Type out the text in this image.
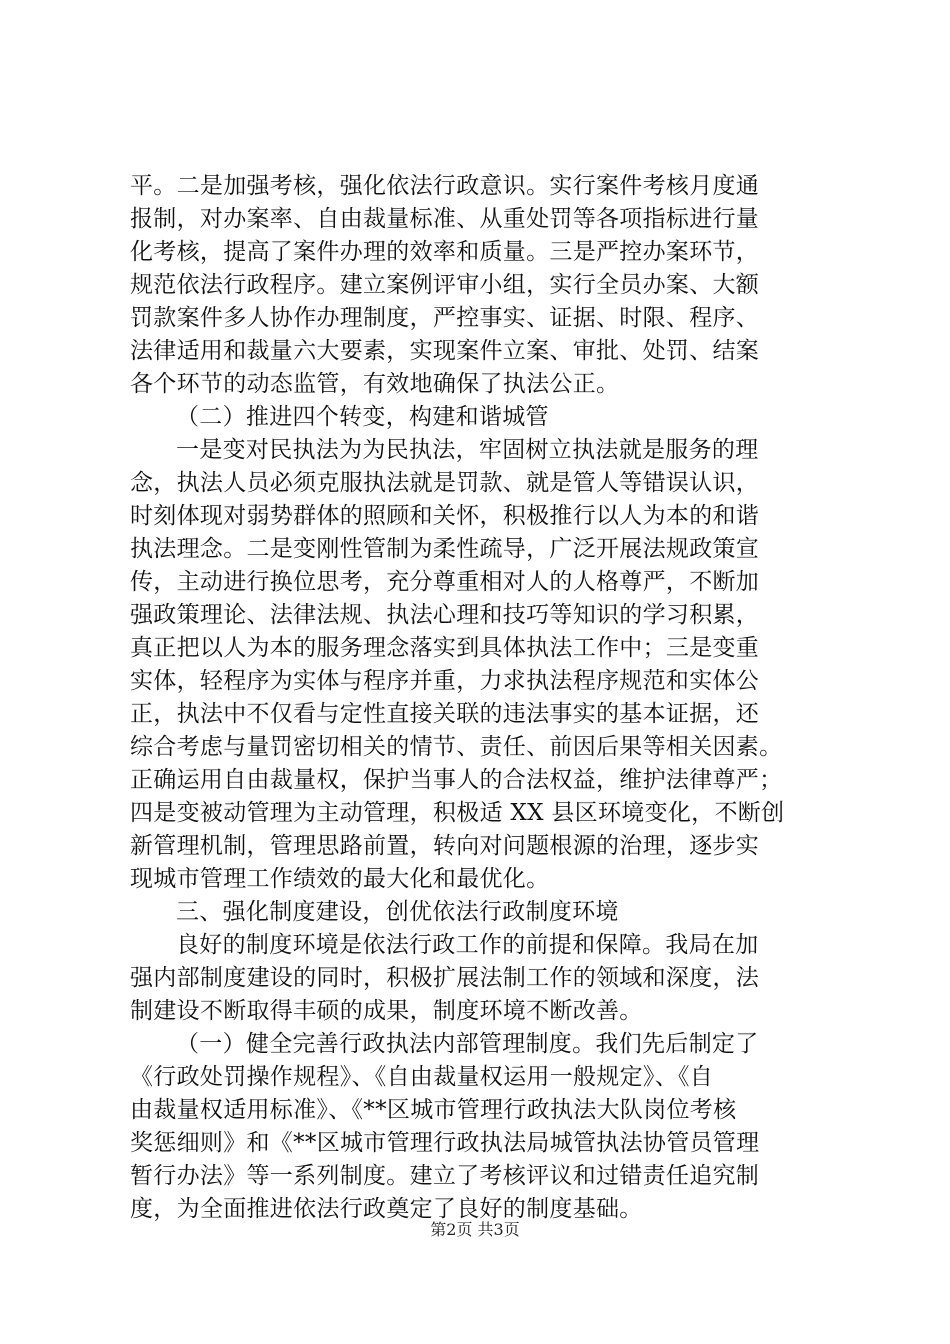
平。二是加强考核，强化依法行政意识。实行案件考核月度通
报制，对办案率、自由裁量标准、从重处罚等各项指标进行量
化考核，提高了案件办理的效率和质量。三是严控办案环节，
规范依法行政程序。建立案例评审小组，实行全员办案、大额
罚款案件多人协作办理制度，严控事实、证据、时限、程序、
法律适用和裁量六大要素，实现案件立案、审批、处罚、结案
各个环节的动态监管，有效地确保了执法公正。
（二）推进四个转变，构建和谐城管
一是变对民执法为为民执法，牢固树立执法就是服务的理
念，执法人员必须克服执法就是罚款、就是管人等错误认识，
时刻体现对弱势群体的照顾和关怀，积极推行以人为本的和谐
执法理念。二是变刚性管制为柔性疏导，广泛开展法规政策宣
传，主动进行换位思考，充分尊重相对人的人格尊严，不断加
强政策理论、法律法规、执法心理和技巧等知识的学习积累，
真正把以人为本的服务理念落实到具体执法工作中；三是变重
实体，轻程序为实体与程序并重，力求执法程序规范和实体公
正，执法中不仅看与定性直接关联的违法事实的基本证据，还
综合考虑与量罚密切相关的情节、责任、前因后果等相关因素。
正确运用自由裁量权，保护当事人的合法权益，维护法律尊严；
四是变被动管理为主动管理，积极适 XX 县区环境变化，不断创
新管理机制，管理思路前置，转向对问题根源的治理，逐步实
现城市管理工作绩效的最大化和最优化。
三、强化制度建设，创优依法行政制度环境
良好的制度环境是依法行政工作的前提和保障。我局在加
强内部制度建设的同时，积极扩展法制工作的领域和深度，法
制建设不断取得丰硕的成果，制度环境不断改善。
（一）健全完善行政执法内部管理制度。我们先后制定了
《行政处罚操作规程》、《自由裁量权运用一般规定》、《自
由裁量权适用标准》、《**区城市管理行政执法大队岗位考核
奖惩细则》和《**区城市管理行政执法局城管执法协管员管理
暂行办法》等一系列制度。建立了考核评议和过错责任追究制
度，为全面推进依法行政奠定了良好的制度基础。
第2页 共3页
